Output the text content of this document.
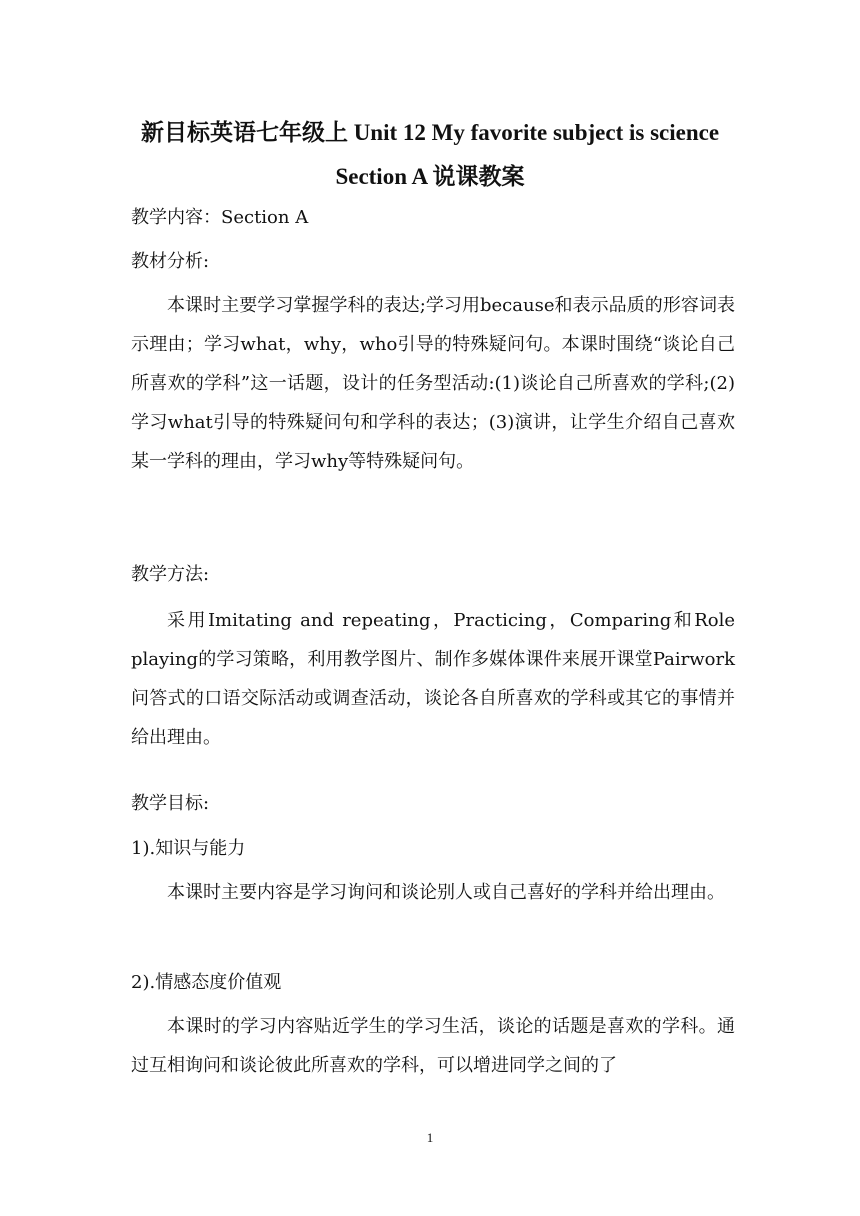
新目标英语七年级上 Unit 12 My favorite subject is science
Section A 说课教案
教学内容：Section A
教材分析:
本课时主要学习掌握学科的表达;学习用because和表示品质的形容词表示理由；学习what，why，who引导的特殊疑问句。本课时围绕“谈论自己所喜欢的学科”这一话题，设计的任务型活动:(1)谈论自己所喜欢的学科;(2)学习what引导的特殊疑问句和学科的表达；(3)演讲，让学生介绍自己喜欢某一学科的理由，学习why等特殊疑问句。
教学方法:
采用Imitating and repeating，Practicing，Comparing和Role playing的学习策略，利用教学图片、制作多媒体课件来展开课堂Pairwork问答式的口语交际活动或调查活动，谈论各自所喜欢的学科或其它的事情并给出理由。
教学目标:
1).知识与能力
本课时主要内容是学习询问和谈论别人或自己喜好的学科并给出理由。
2).情感态度价值观
本课时的学习内容贴近学生的学习生活，谈论的话题是喜欢的学科。通过互相询问和谈论彼此所喜欢的学科，可以增进同学之间的了
1
